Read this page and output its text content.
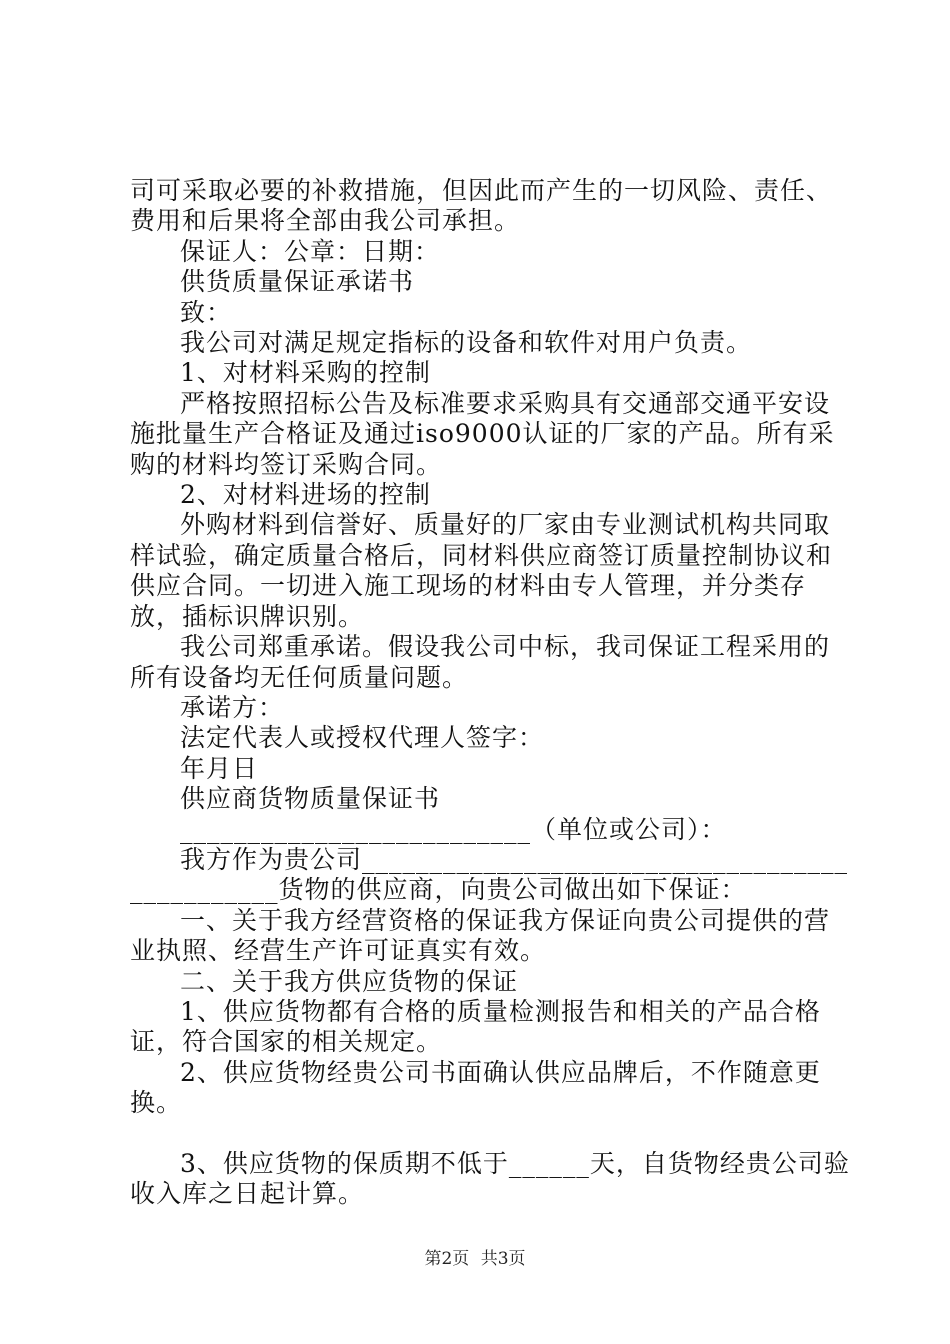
司可采取必要的补救措施，但因此而产生的一切风险、责任、费用和后果将全部由我公司承担。

保证人：公章：日期：

供货质量保证承诺书

致：

我公司对满足规定指标的设备和软件对用户负责。

1、对材料采购的控制

严格按照招标公告及标准要求采购具有交通部交通平安设施批量生产合格证及通过iso9000认证的厂家的产品。所有采购的材料均签订采购合同。

2、对材料进场的控制

外购材料到信誉好、质量好的厂家由专业测试机构共同取样试验，确定质量合格后，同材料供应商签订质量控制协议和供应合同。一切进入施工现场的材料由专人管理，并分类存放，插标识牌识别。

我公司郑重承诺。假设我公司中标，我司保证工程采用的所有设备均无任何质量问题。

承诺方：

法定代表人或授权代理人签字：

年月日

供应商货物质量保证书

__________________________（单位或公司）：

我方作为贵公司_______________________________________________货物的供应商，向贵公司做出如下保证：

一、关于我方经营资格的保证我方保证向贵公司提供的营业执照、经营生产许可证真实有效。

二、关于我方供应货物的保证

1、供应货物都有合格的质量检测报告和相关的产品合格证，符合国家的相关规定。

2、供应货物经贵公司书面确认供应品牌后，不作随意更换。

3、供应货物的保质期不低于______天，自货物经贵公司验收入库之日起计算。

第2页 共3页
